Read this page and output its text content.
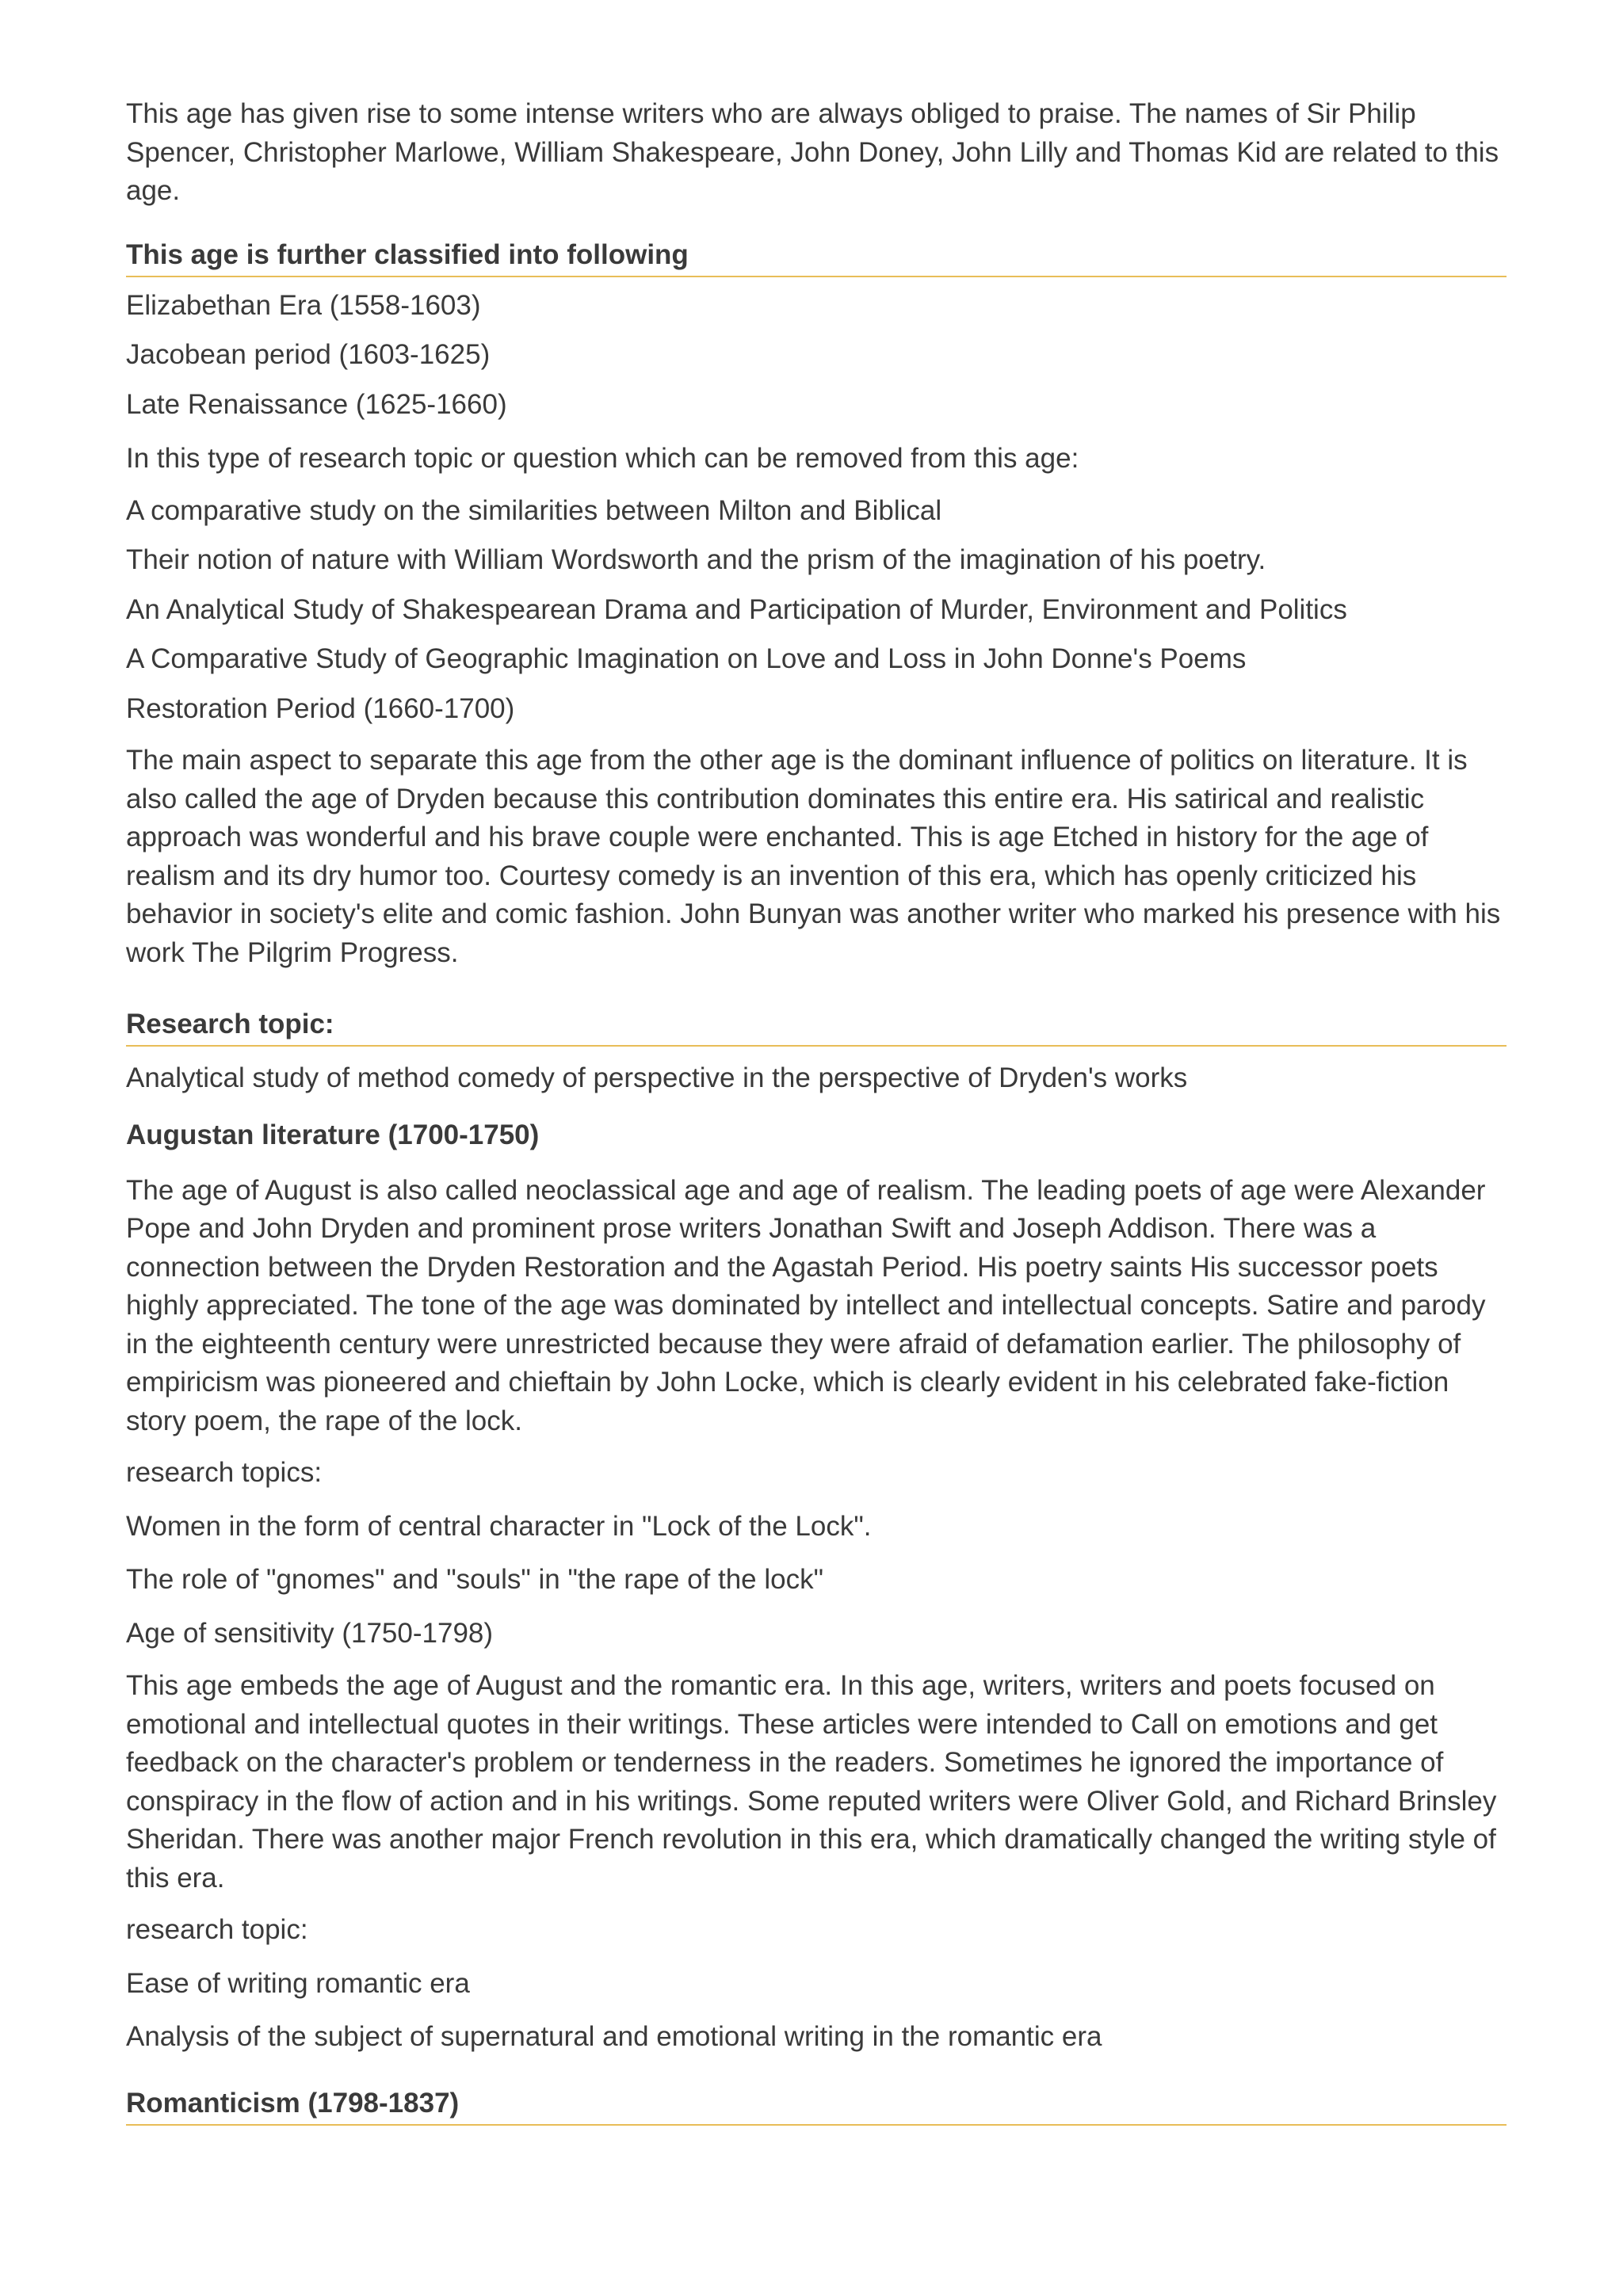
This age has given rise to some intense writers who are always obliged to praise. The names of Sir Philip Spencer, Christopher Marlowe, William Shakespeare, John Doney, John Lilly and Thomas Kid are related to this age.

This age is further classified into following

Elizabethan Era (1558-1603)

Jacobean period (1603-1625)

Late Renaissance (1625-1660)

In this type of research topic or question which can be removed from this age:

A comparative study on the similarities between Milton and Biblical

Their notion of nature with William Wordsworth and the prism of the imagination of his poetry.

An Analytical Study of Shakespearean Drama and Participation of Murder, Environment and Politics

A Comparative Study of Geographic Imagination on Love and Loss in John Donne's Poems

Restoration Period (1660-1700)

The main aspect to separate this age from the other age is the dominant influence of politics on literature. It is also called the age of Dryden because this contribution dominates this entire era. His satirical and realistic approach was wonderful and his brave couple were enchanted. This is age Etched in history for the age of realism and its dry humor too. Courtesy comedy is an invention of this era, which has openly criticized his behavior in society's elite and comic fashion. John Bunyan was another writer who marked his presence with his work The Pilgrim Progress.

Research topic:

Analytical study of method comedy of perspective in the perspective of Dryden's works

Augustan literature (1700-1750)

The age of August is also called neoclassical age and age of realism. The leading poets of age were Alexander Pope and John Dryden and prominent prose writers Jonathan Swift and Joseph Addison. There was a connection between the Dryden Restoration and the Agastah Period. His poetry saints His successor poets highly appreciated. The tone of the age was dominated by intellect and intellectual concepts. Satire and parody in the eighteenth century were unrestricted because they were afraid of defamation earlier. The philosophy of empiricism was pioneered and chieftain by John Locke, which is clearly evident in his celebrated fake-fiction story poem, the rape of the lock.

research topics:

Women in the form of central character in "Lock of the Lock".

The role of "gnomes" and "souls" in "the rape of the lock"

Age of sensitivity (1750-1798)

This age embeds the age of August and the romantic era. In this age, writers, writers and poets focused on emotional and intellectual quotes in their writings. These articles were intended to Call on emotions and get feedback on the character's problem or tenderness in the readers. Sometimes he ignored the importance of conspiracy in the flow of action and in his writings. Some reputed writers were Oliver Gold, and Richard Brinsley Sheridan. There was another major French revolution in this era, which dramatically changed the writing style of this era.

research topic:

Ease of writing romantic era

Analysis of the subject of supernatural and emotional writing in the romantic era

Romanticism (1798-1837)
